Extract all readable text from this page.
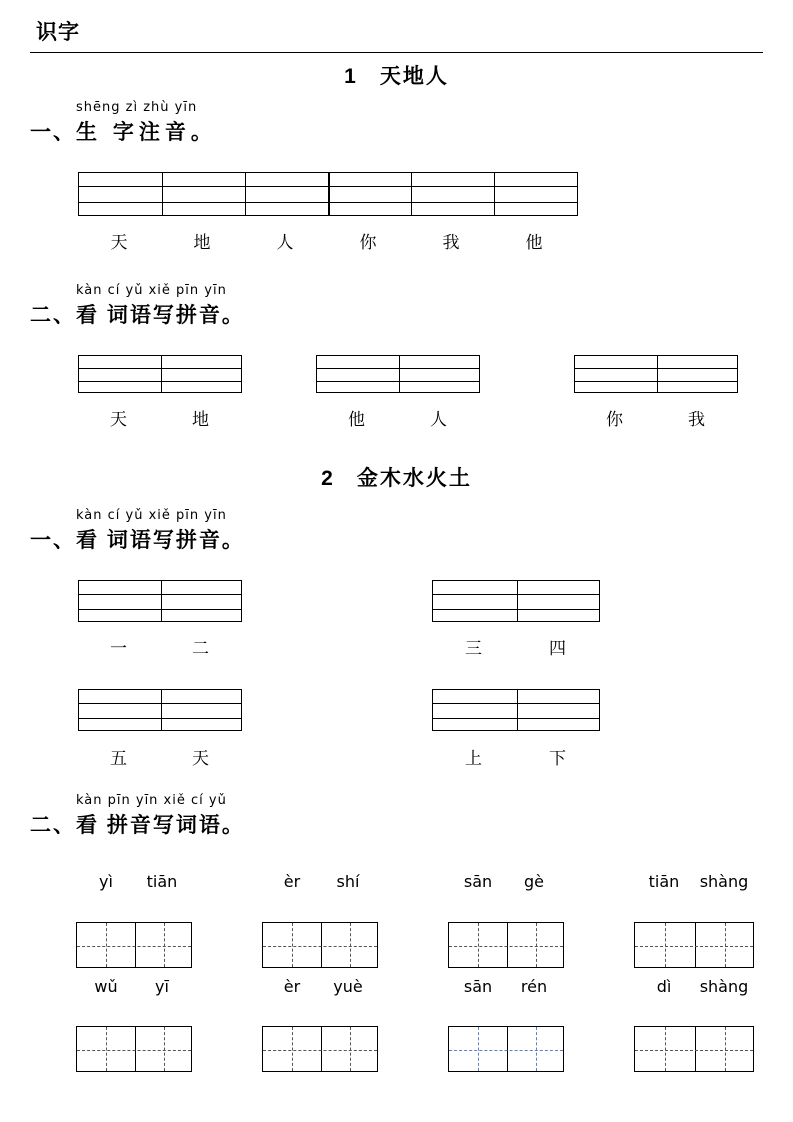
识字
1 天地人
shēng zì zhù yīn
一、生 字注音。
天	地	人	你	我	他
kàn cí yǔ xiě pīn yīn
二、看 词语写拼音。
天	地	他	人	你	我
2 金木水火土
kàn cí yǔ xiě pīn yīn
一、看 词语写拼音。
一	二	三	四
五	天	上	下
kàn pīn yīn xiě cí yǔ
二、看 拼音写词语。
yì tiān	èr shí	sān gè	tiān shàng
wǔ yī	èr yuè	sān rén	dì shàng
